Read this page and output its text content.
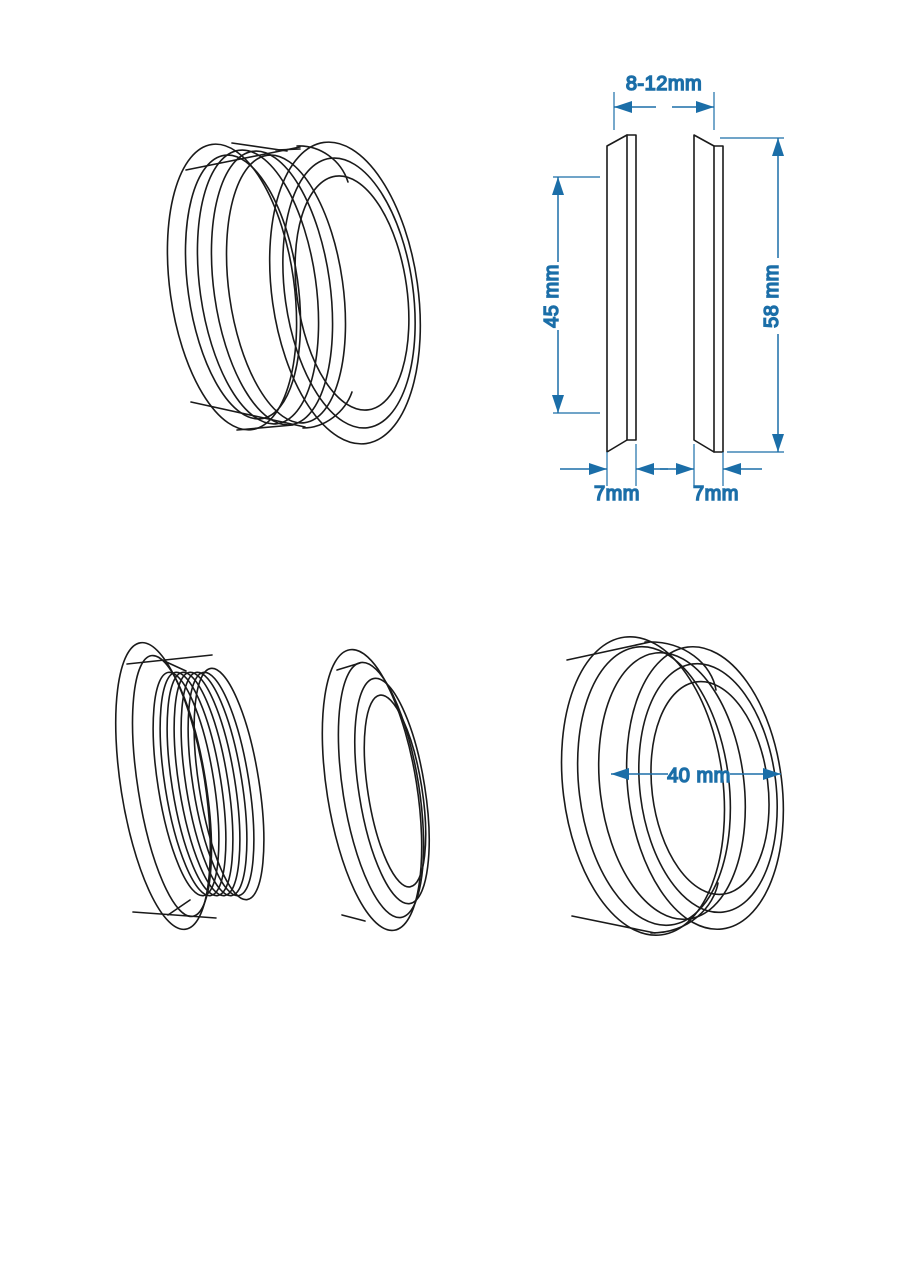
8-12mm
45 mm	58 mm
7mm	7mm
40 mm
